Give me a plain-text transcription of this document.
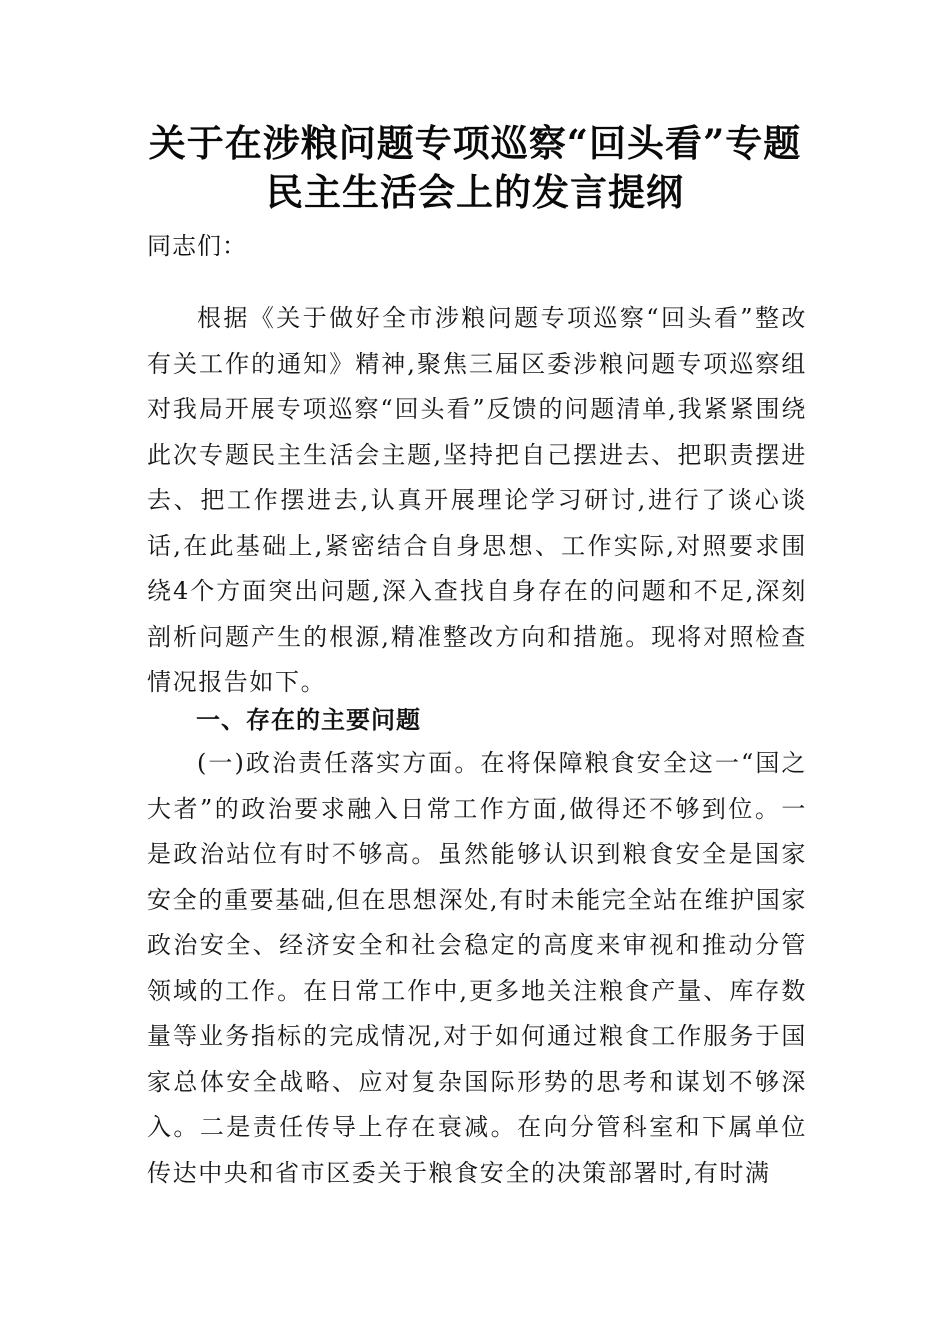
关于在涉粮问题专项巡察“回头看”专题
民主生活会上的发言提纲

同志们：

根据《关于做好全市涉粮问题专项巡察“回头看”整改有关工作的通知》精神,聚焦三届区委涉粮问题专项巡察组对我局开展专项巡察“回头看”反馈的问题清单,我紧紧围绕此次专题民主生活会主题,坚持把自己摆进去、把职责摆进去、把工作摆进去,认真开展理论学习研讨,进行了谈心谈话,在此基础上,紧密结合自身思想、工作实际,对照要求围绕4个方面突出问题,深入查找自身存在的问题和不足,深刻剖析问题产生的根源,精准整改方向和措施。现将对照检查情况报告如下。

一、存在的主要问题

(一)政治责任落实方面。在将保障粮食安全这一“国之大者”的政治要求融入日常工作方面,做得还不够到位。一是政治站位有时不够高。虽然能够认识到粮食安全是国家安全的重要基础,但在思想深处,有时未能完全站在维护国家政治安全、经济安全和社会稳定的高度来审视和推动分管领域的工作。在日常工作中,更多地关注粮食产量、库存数量等业务指标的完成情况,对于如何通过粮食工作服务于国家总体安全战略、应对复杂国际形势的思考和谋划不够深入。二是责任传导上存在衰减。在向分管科室和下属单位传达中央和省市区委关于粮食安全的决策部署时,有时满
